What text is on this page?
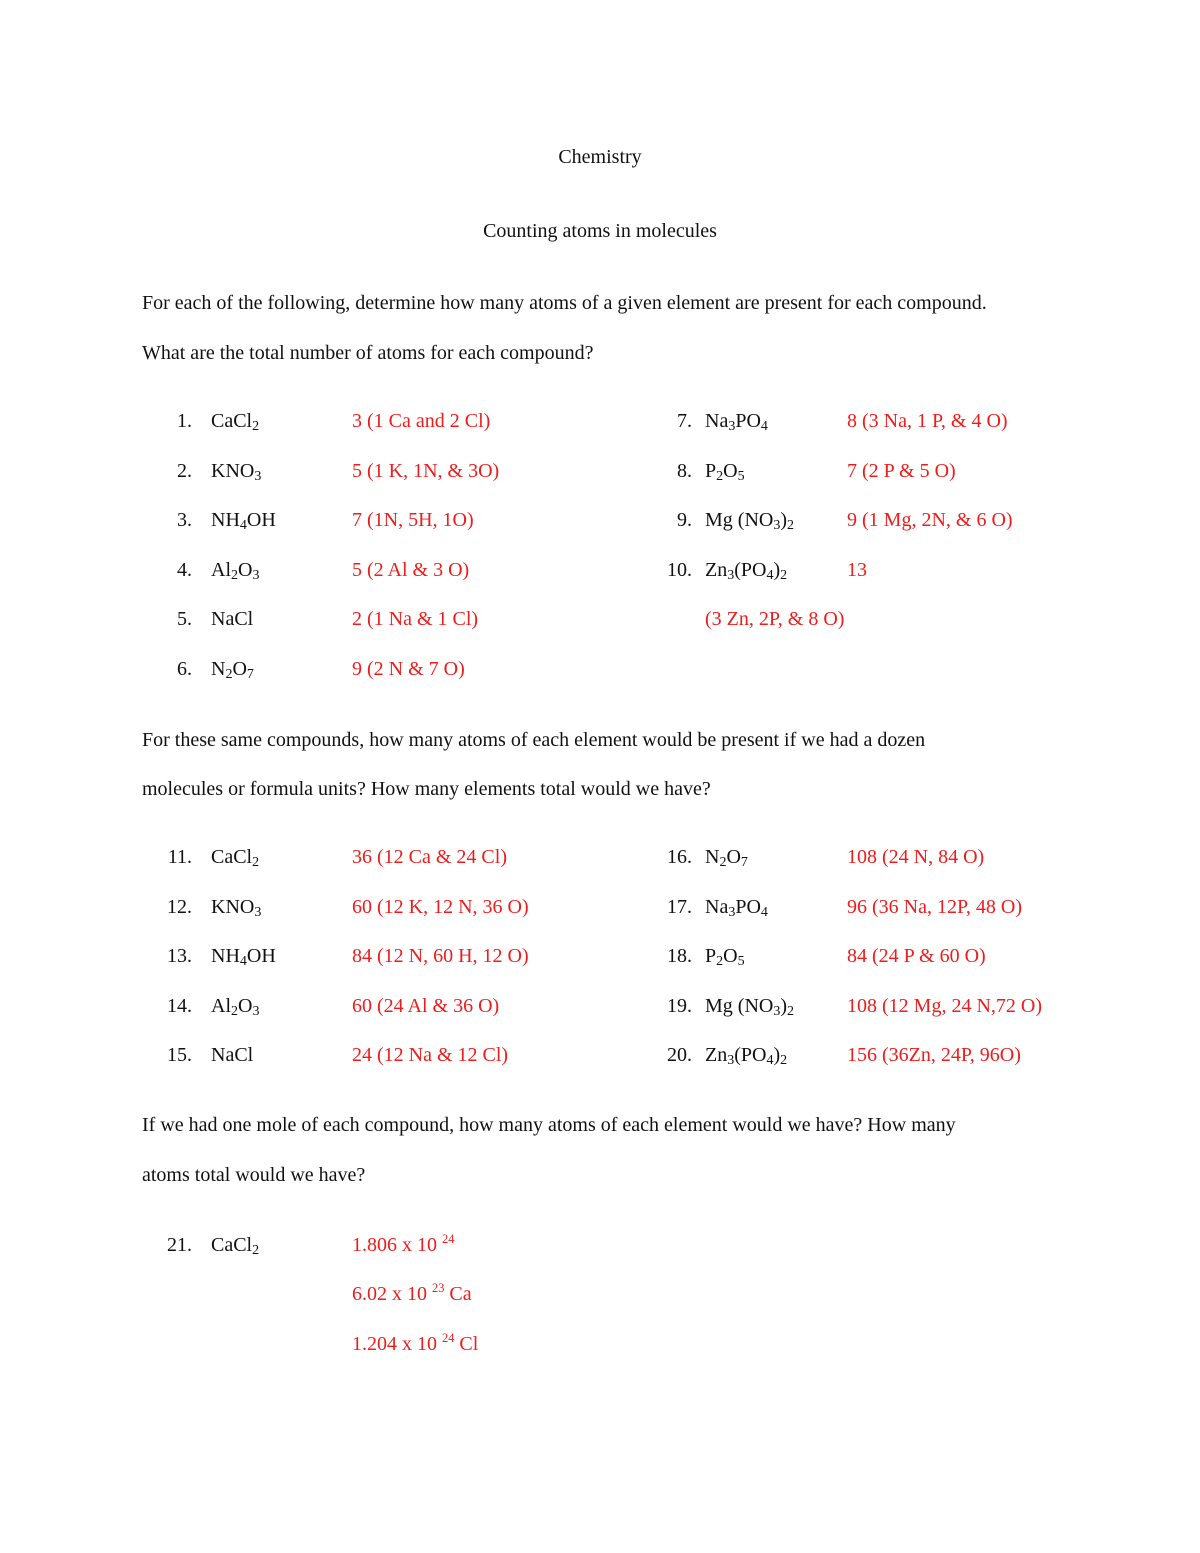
Chemistry
Counting atoms in molecules
For each of the following, determine how many atoms of a given element are present for each compound.
What are the total number of atoms for each compound?
1. CaCl$_2$	3 (1 Ca and 2 Cl)
2. $KNO_3$	5 (1 K, 1N, & 3O)
3. $NH_4OH$	7 (1N, 5H, 1O)
4. $Al_2O_3$	5 (2 Al & 3 O)
5. NaCl	2 (1 Na & 1 Cl)
6. $N_2O_7$	9 (2 N & 7 O)
7. $Na_3PO_4$	8 (3 Na, 1 P, & 4 O)
8. $P_2O_5$	7 (2 P & 5 O)
9. Mg $(NO_3)_2$	9 (1 Mg, 2N, & 6 O)
10. $Zn_3(PO_4)_2$	13
(3 Zn, 2P, & 8 O)
For these same compounds, how many atoms of each element would be present if we had a dozen
molecules or formula units? How many elements total would we have?
11. CaCl$_2$	36 (12 Ca & 24 Cl)
12. $KNO_3$	60 (12 K, 12 N, 36 O)
13. $NH_4OH$	84 (12 N, 60 H, 12 O)
14. $Al_2O_3$	60 (24 Al & 36 O)
15. NaCl	24 (12 Na & 12 Cl)
16. $N_2O_7$	108 (24 N, 84 O)
17. $Na_3PO_4$	96 (36 Na, 12P, 48 O)
18. $P_2O_5$	84 (24 P & 60 O)
19. Mg $(NO_3)_2$	108 (12 Mg, 24 N,72 O)
20. $Zn_3(PO_4)_2$	156 (36Zn, 24P, 96O)
If we had one mole of each compound, how many atoms of each element would we have? How many
atoms total would we have?
21. CaCl$_2$	1.806 x 10 $^{24}$
6.02 x 10 $^{23}$ Ca
1.204 x 10 $^{24}$ Cl
